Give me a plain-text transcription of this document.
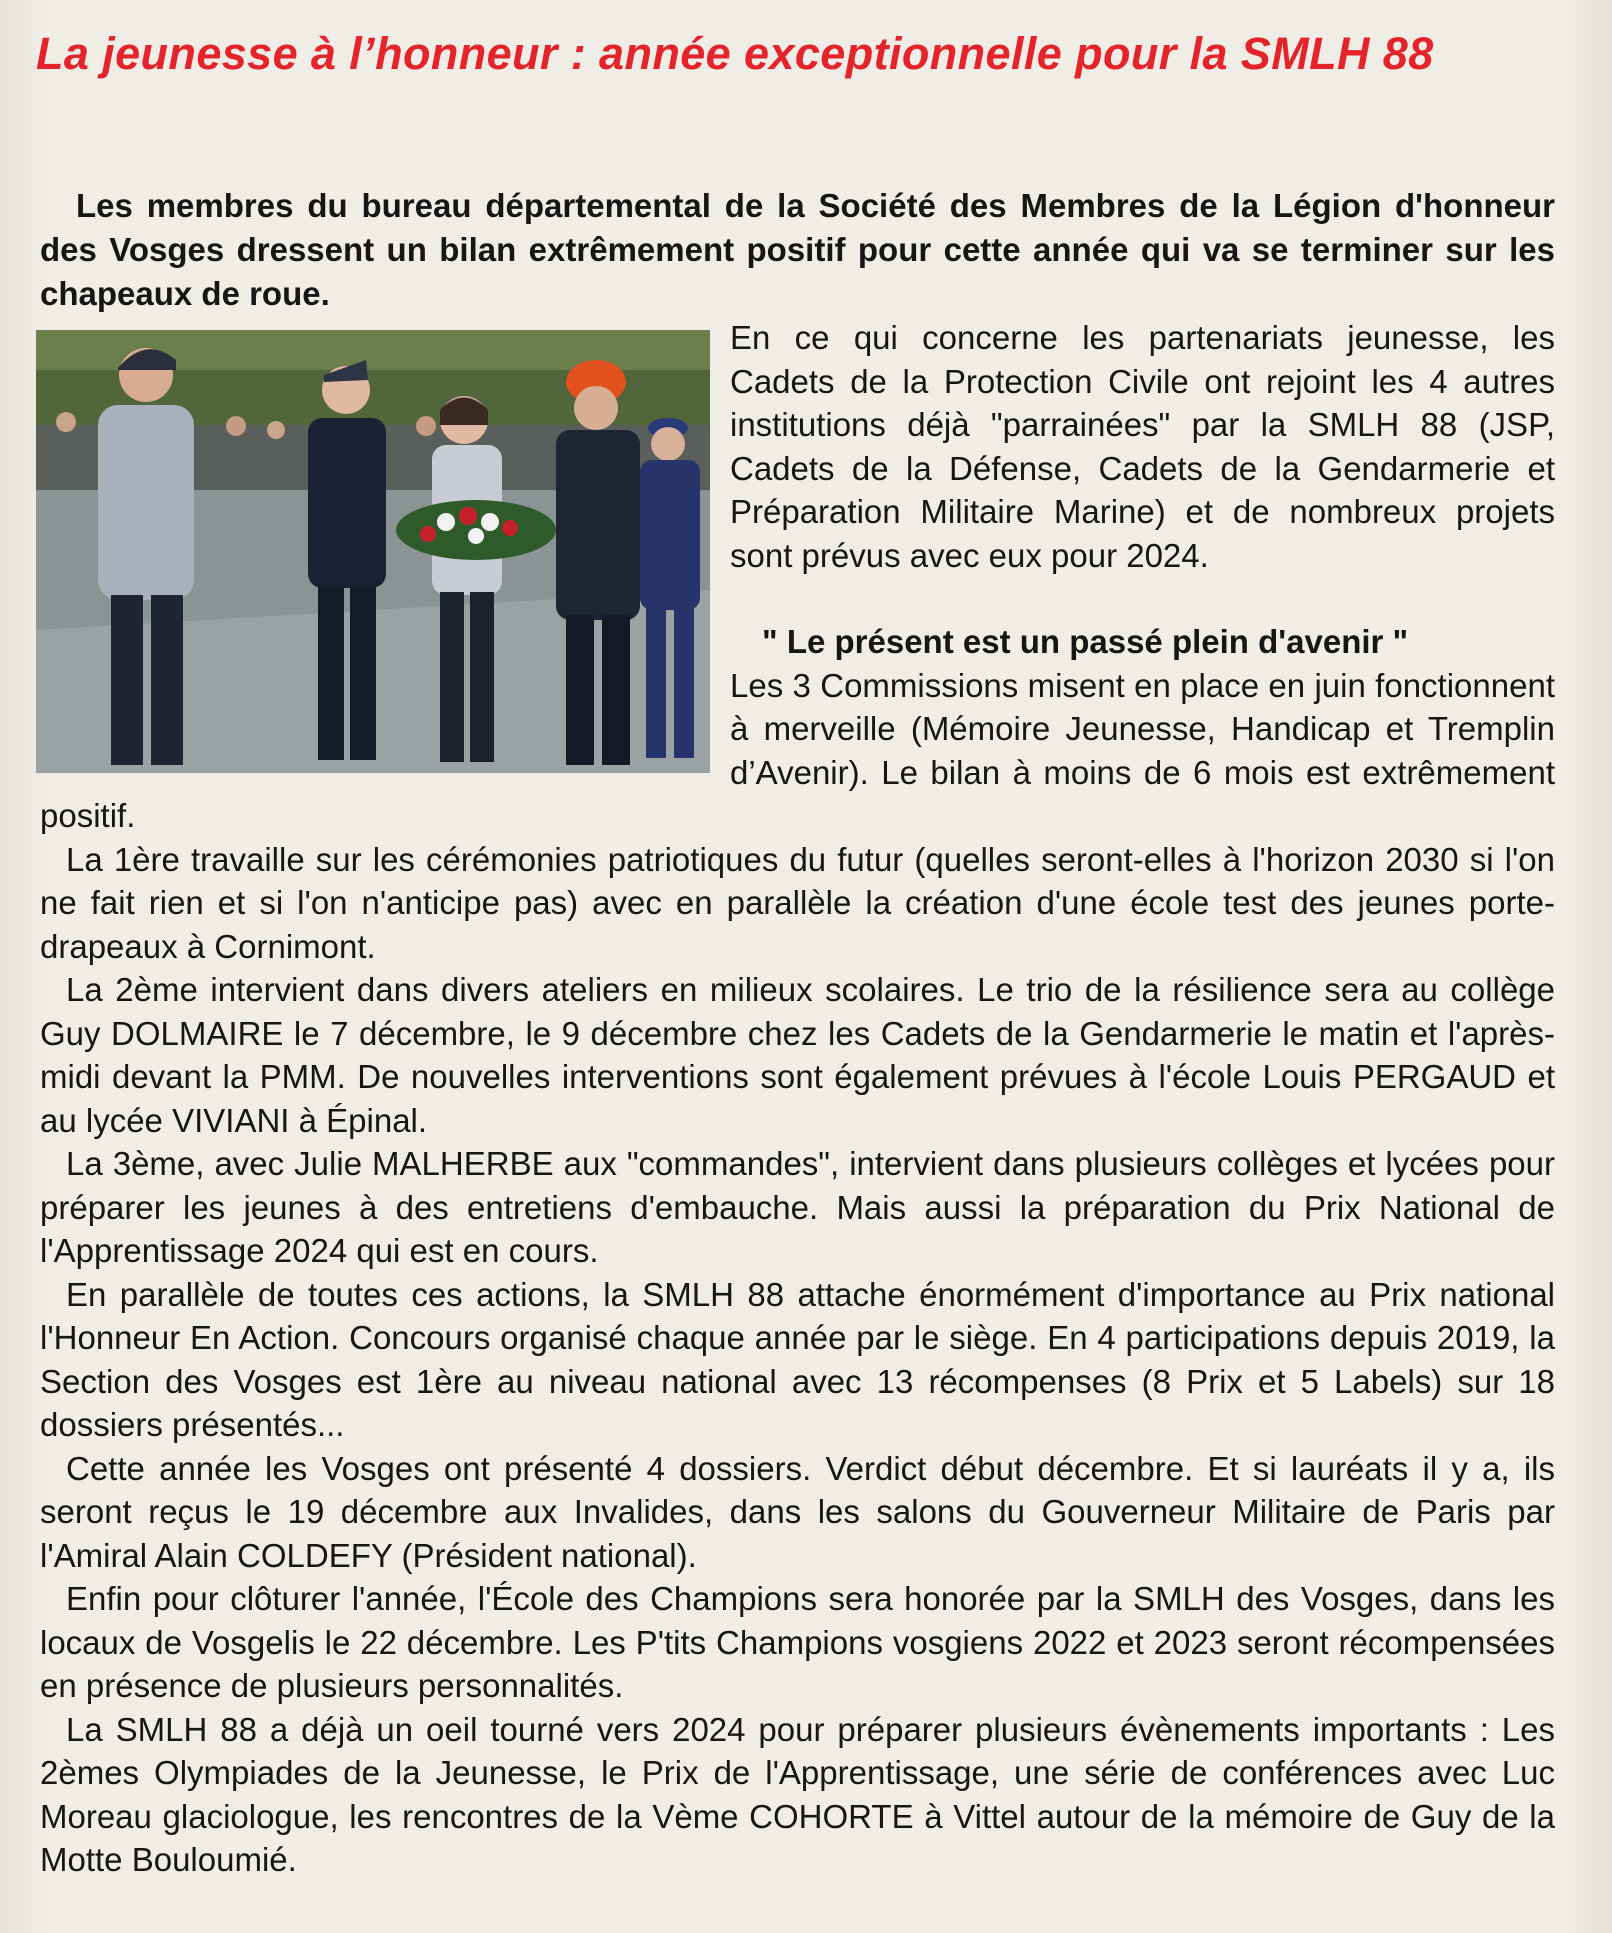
La jeunesse à l’honneur : année exceptionnelle pour la SMLH 88

Les membres du bureau départemental de la Société des Membres de la Légion d'honneur des Vosges dressent un bilan extrêmement positif pour cette année qui va se terminer sur les chapeaux de roue.

En ce qui concerne les partenariats jeunesse, les Cadets de la Protection Civile ont rejoint les 4 autres institutions déjà "parrainées" par la SMLH 88 (JSP, Cadets de la Défense, Cadets de la Gendarmerie et Préparation Militaire Marine) et de nombreux projets sont prévus avec eux pour 2024.

" Le présent est un passé plein d'avenir "

Les 3 Commissions misent en place en juin fonctionnent à merveille (Mémoire Jeunesse, Handicap et Tremplin d’Avenir). Le bilan à moins de 6 mois est extrêmement positif.

La 1ère travaille sur les cérémonies patriotiques du futur (quelles seront-elles à l'horizon 2030 si l'on ne fait rien et si l'on n'anticipe pas) avec en parallèle la création d'une école test des jeunes porte-drapeaux à Cornimont.

La 2ème intervient dans divers ateliers en milieux scolaires. Le trio de la résilience sera au collège Guy DOLMAIRE le 7 décembre, le 9 décembre chez les Cadets de la Gendarmerie le matin et l'après-midi devant la PMM. De nouvelles interventions sont également prévues à l'école Louis PERGAUD et au lycée VIVIANI à Épinal.

La 3ème, avec Julie MALHERBE aux "commandes", intervient dans plusieurs collèges et lycées pour préparer les jeunes à des entretiens d'embauche. Mais aussi la préparation du Prix National de l'Apprentissage 2024 qui est en cours.

En parallèle de toutes ces actions, la SMLH 88 attache énormément d'importance au Prix national l'Honneur En Action. Concours organisé chaque année par le siège. En 4 participations depuis 2019, la Section des Vosges est 1ère au niveau national avec 13 récompenses (8 Prix et 5 Labels) sur 18 dossiers présentés...

Cette année les Vosges ont présenté 4 dossiers. Verdict début décembre. Et si lauréats il y a, ils seront reçus le 19 décembre aux Invalides, dans les salons du Gouverneur Militaire de Paris par l'Amiral Alain COLDEFY (Président national).

Enfin pour clôturer l'année, l'École des Champions sera honorée par la SMLH des Vosges, dans les locaux de Vosgelis le 22 décembre. Les P'tits Champions vosgiens 2022 et 2023 seront récompensées en présence de plusieurs personnalités.

La SMLH 88 a déjà un oeil tourné vers 2024 pour préparer plusieurs évènements importants : Les 2èmes Olympiades de la Jeunesse, le Prix de l'Apprentissage, une série de conférences avec Luc Moreau glaciologue, les rencontres de la Vème COHORTE à Vittel autour de la mémoire de Guy de la Motte Bouloumié.
